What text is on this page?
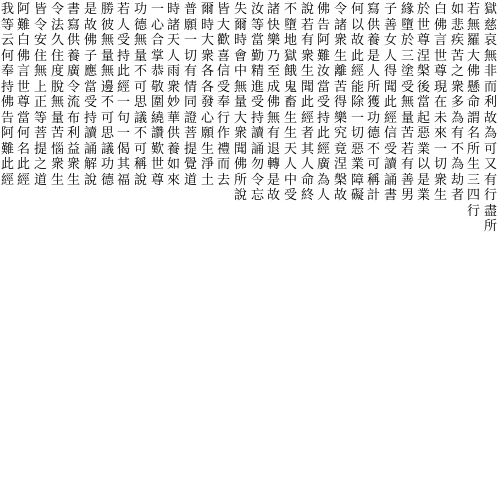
獄
慈
哀
無
非
而
利
故
為
可
又
有
行
盡
所
若
無
羅
大
佛
懸
命
謂
名
所
生
三
四
行
如
悲
疾
苦
之
衆
多
為
有
不
為
劫
者
白
佛
言
世
尊
現
在
未
來
一
切
衆
生
於
世
尊
涅
槃
後
當
起
惡
業
以
是
業
緣
墮
於
三
塗
受
無
量
苦
若
有
善
男
子
善
女
人
得
聞
此
經
信
受
讀
誦
書
寫
供
養
是
人
所
獲
功
德
不
可
稱
計
何
以
故
此
經
能
除
一
切
惡
業
障
礙
令
諸
衆
生
離
苦
得
樂
究
竟
涅
槃
故
佛
告
阿
難
汝
當
受
持
此
經
廣
為
人
說
若
有
衆
生
聞
此
經
者
其
人
命
終
不
墮
地
獄
餓
鬼
畜
生
生
天
人
中
受
諸
快
樂
乃
至
成
佛
無
有
退
轉
是
故
汝
等
當
勤
精
進
受
持
讀
誦
勿
令
忘
失
爾
時
會
中
無
量
大
衆
聞
佛
所
說
皆
大
歡
喜
信
受
奉
行
作
禮
而
去
爾
時
大
衆
各
各
發
心
願
生
淨
土
普
願
一
切
有
情
同
證
菩
提
覺
道
時
諸
天
人
雨
衆
妙
華
供
養
如
來
一
心
合
掌
恭
敬
圍
繞
讚
歎
世
尊
功
德
無
量
不
可
思
議
不
可
稱
說
若
人
受
持
此
經
一
句
一
偈
其
福
勝
彼
無
量
無
邊
不
可
思
議
功
德
是
故
佛
子
應
當
受
持
讀
誦
解
說
書
寫
供
養
廣
令
流
布
利
益
衆
生
令
法
久
住
度
脫
無
量
苦
惱
衆
生
皆
令
安
住
無
上
正
等
菩
提
之
道
阿
難
白
佛
言
世
尊
當
何
名
此
經
我
等
云
何
奉
持
佛
告
阿
難
此
經
